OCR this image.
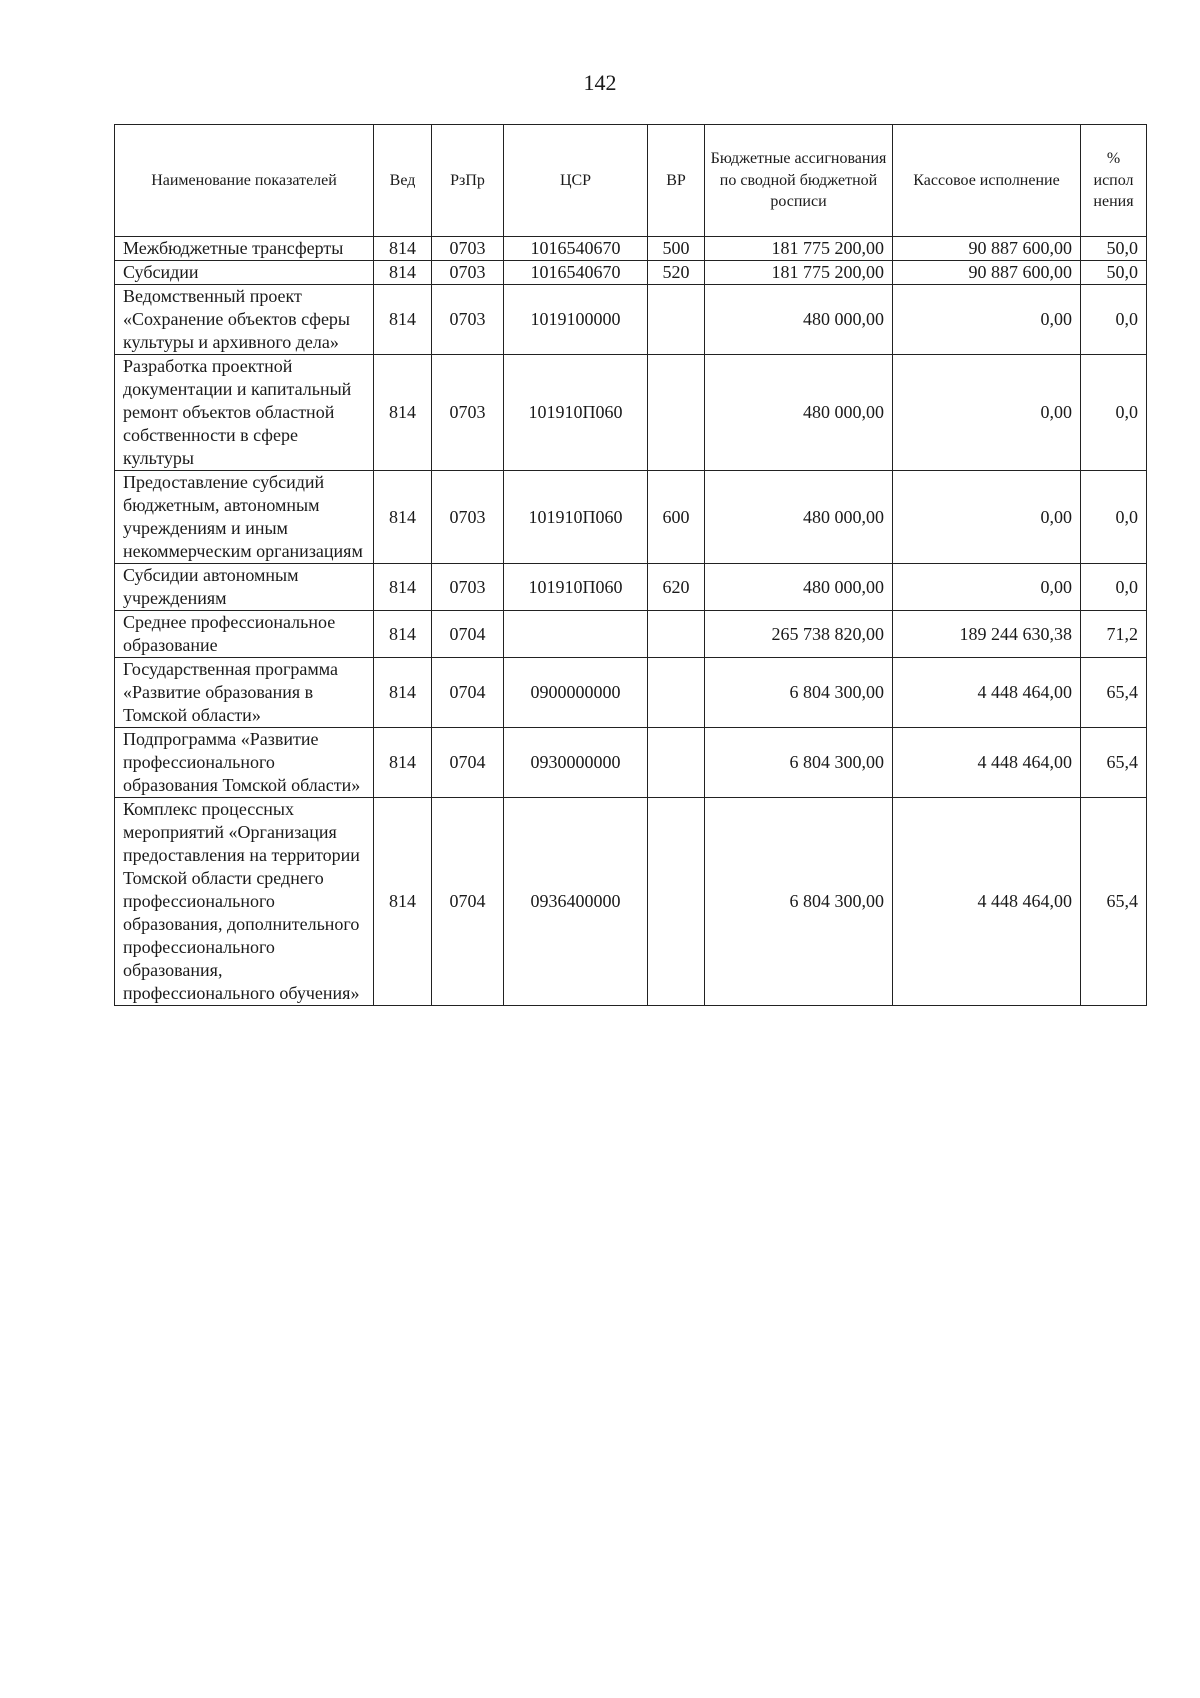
142
Наименование показателей	Вед	РзПр	ЦСР	ВР	Бюджетные ассигнования по сводной бюджетной росписи	Кассовое исполнение	% испол нения
Межбюджетные трансферты	814	0703	1016540670	500	181 775 200,00	90 887 600,00	50,0
Субсидии	814	0703	1016540670	520	181 775 200,00	90 887 600,00	50,0
Ведомственный проект «Сохранение объектов сферы культуры и архивного дела»	814	0703	1019100000		480 000,00	0,00	0,0
Разработка проектной документации и капитальный ремонт объектов областной собственности в сфере культуры	814	0703	101910П060		480 000,00	0,00	0,0
Предоставление субсидий бюджетным, автономным учреждениям и иным некоммерческим организациям	814	0703	101910П060	600	480 000,00	0,00	0,0
Субсидии автономным учреждениям	814	0703	101910П060	620	480 000,00	0,00	0,0
Среднее профессиональное образование	814	0704			265 738 820,00	189 244 630,38	71,2
Государственная программа «Развитие образования в Томской области»	814	0704	0900000000		6 804 300,00	4 448 464,00	65,4
Подпрограмма «Развитие профессионального образования Томской области»	814	0704	0930000000		6 804 300,00	4 448 464,00	65,4
Комплекс процессных мероприятий «Организация предоставления на территории Томской области среднего профессионального образования, дополнительного профессионального образования, профессионального обучения»	814	0704	0936400000		6 804 300,00	4 448 464,00	65,4
